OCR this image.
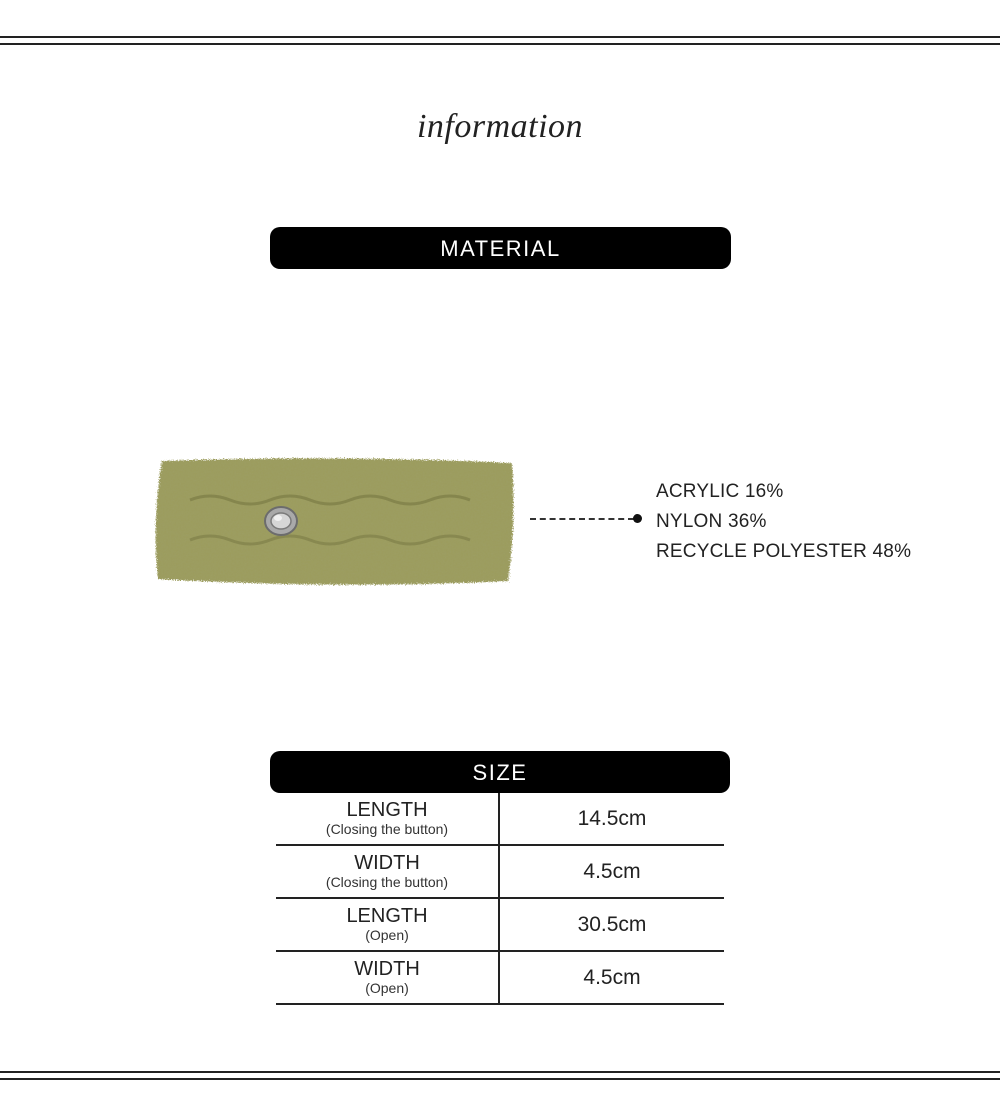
information
MATERIAL
ACRYLIC 16%
NYLON 36%
RECYCLE POLYESTER 48%
SIZE
LENGTH
(Closing the button)	14.5cm

WIDTH
(Closing the button)	4.5cm

LENGTH
(Open)	30.5cm

WIDTH
(Open)	4.5cm
